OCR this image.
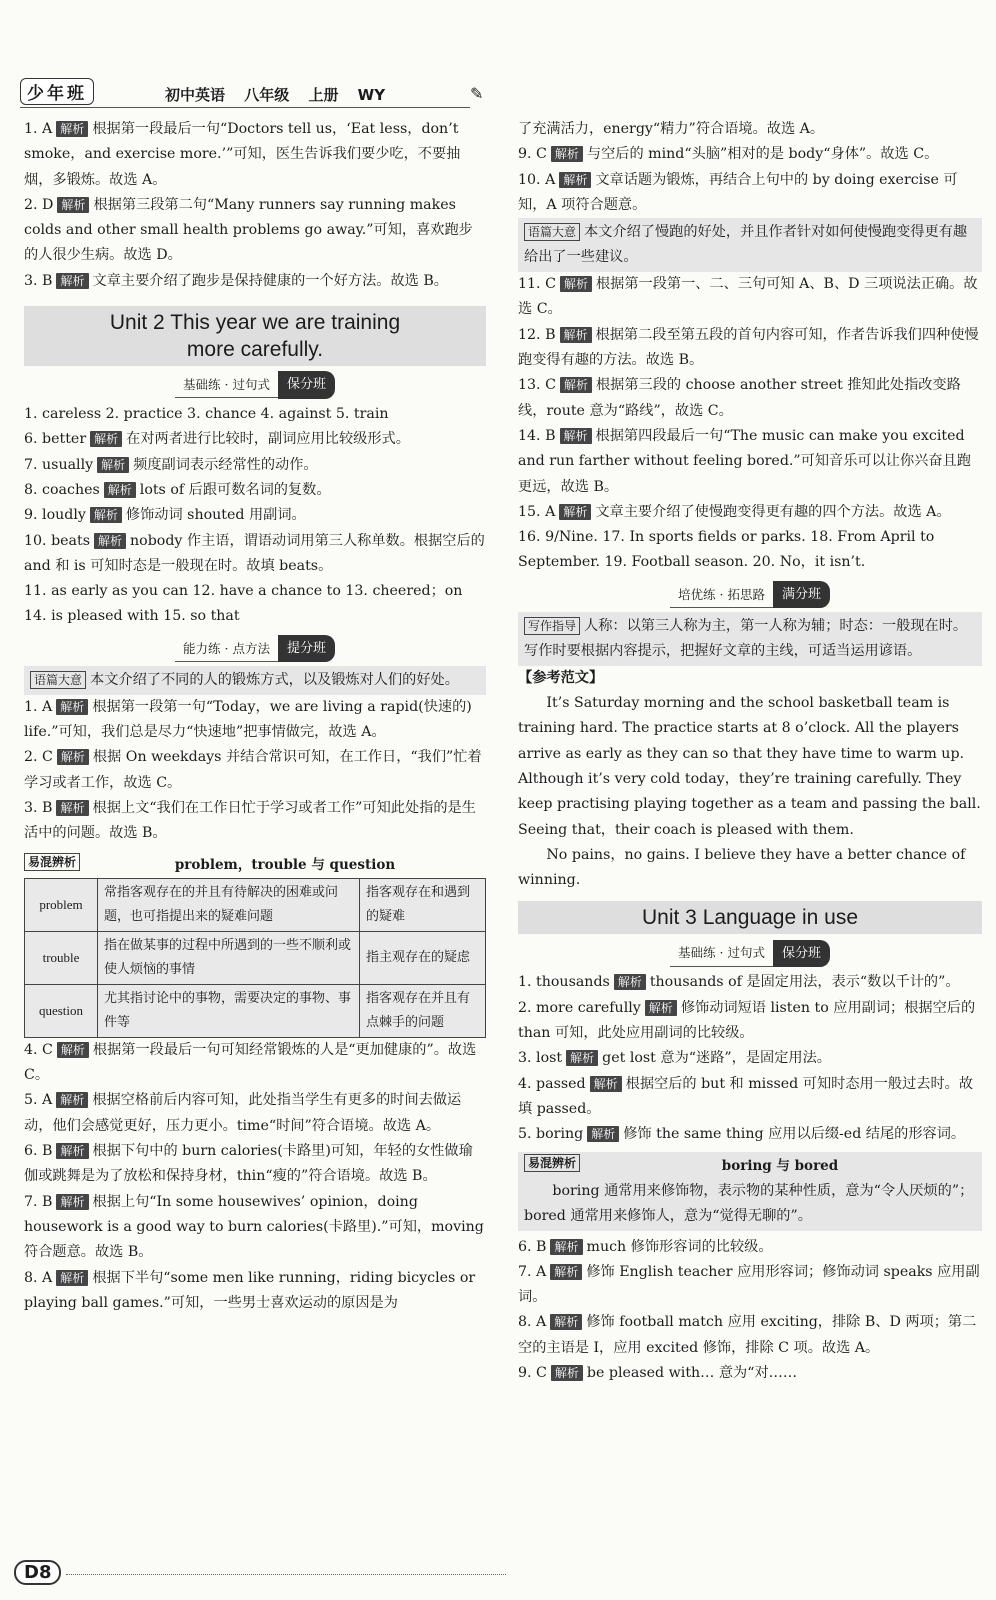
少年班	初中英语 八年级 上册 WY	✎

1. A 解析 根据第一段最后一句“Doctors tell us，‘Eat less，don’t smoke，and exercise more.’”可知，医生告诉我们要少吃，不要抽烟，多锻炼。故选 A。

2. D 解析 根据第三段第二句“Many runners say running makes colds and other small health problems go away.”可知，喜欢跑步的人很少生病。故选 D。

3. B 解析 文章主要介绍了跑步是保持健康的一个好方法。故选 B。

Unit 2 This year we are training
more carefully.
基础练 · 过句式	保分班

1. careless 2. practice 3. chance 4. against 5. train

6. better 解析 在对两者进行比较时，副词应用比较级形式。

7. usually 解析 频度副词表示经常性的动作。

8. coaches 解析 lots of 后跟可数名词的复数。

9. loudly 解析 修饰动词 shouted 用副词。

10. beats 解析 nobody 作主语，谓语动词用第三人称单数。根据空后的 and 和 is 可知时态是一般现在时。故填 beats。

11. as early as you can 12. have a chance to 13. cheered；on

14. is pleased with 15. so that

能力练 · 点方法	提分班
语篇大意 本文介绍了不同的人的锻炼方式，以及锻炼对人们的好处。

1. A 解析 根据第一段第一句“Today，we are living a rapid(快速的) life.”可知，我们总是尽力“快速地”把事情做完，故选 A。

2. C 解析 根据 On weekdays 并结合常识可知，在工作日，“我们”忙着学习或者工作，故选 C。

3. B 解析 根据上文“我们在工作日忙于学习或者工作”可知此处指的是生活中的问题。故选 B。

易混辨析	problem，trouble 与 question
problem	常指客观存在的并且有待解决的困难或问题，也可指提出来的疑难问题	指客观存在和遇到的疑难
trouble	指在做某事的过程中所遇到的一些不顺利或使人烦恼的事情	指主观存在的疑虑
question	尤其指讨论中的事物，需要决定的事物、事件等	指客观存在并且有点棘手的问题

4. C 解析 根据第一段最后一句可知经常锻炼的人是“更加健康的”。故选 C。

5. A 解析 根据空格前后内容可知，此处指当学生有更多的时间去做运动，他们会感觉更好，压力更小。time“时间”符合语境。故选 A。

6. B 解析 根据下句中的 burn calories(卡路里)可知，年轻的女性做瑜伽或跳舞是为了放松和保持身材，thin“瘦的”符合语境。故选 B。

7. B 解析 根据上句“In some housewives’ opinion，doing housework is a good way to burn calories(卡路里).”可知，moving 符合题意。故选 B。

8. A 解析 根据下半句“some men like running，riding bicycles or playing ball games.”可知，一些男士喜欢运动的原因是为

了充满活力，energy“精力”符合语境。故选 A。

9. C 解析 与空后的 mind“头脑”相对的是 body“身体”。故选 C。

10. A 解析 文章话题为锻炼，再结合上句中的 by doing exercise 可知，A 项符合题意。

语篇大意 本文介绍了慢跑的好处，并且作者针对如何使慢跑变得更有趣给出了一些建议。

11. C 解析 根据第一段第一、二、三句可知 A、B、D 三项说法正确。故选 C。

12. B 解析 根据第二段至第五段的首句内容可知，作者告诉我们四种使慢跑变得有趣的方法。故选 B。

13. C 解析 根据第三段的 choose another street 推知此处指改变路线，route 意为“路线”，故选 C。

14. B 解析 根据第四段最后一句“The music can make you excited and run farther without feeling bored.”可知音乐可以让你兴奋且跑更远，故选 B。

15. A 解析 文章主要介绍了使慢跑变得更有趣的四个方法。故选 A。

16. 9/Nine. 17. In sports fields or parks. 18. From April to September. 19. Football season. 20. No，it isn’t.

培优练 · 拓思路	满分班
写作指导 人称：以第三人称为主，第一人称为辅；时态：一般现在时。写作时要根据内容提示，把握好文章的主线，可适当运用谚语。

【参考范文】

It’s Saturday morning and the school basketball team is training hard. The practice starts at 8 o’clock. All the players arrive as early as they can so that they have time to warm up. Although it’s very cold today，they’re training carefully. They keep practising playing together as a team and passing the ball. Seeing that，their coach is pleased with them.

No pains，no gains. I believe they have a better chance of winning.

Unit 3 Language in use
基础练 · 过句式	保分班

1. thousands 解析 thousands of 是固定用法，表示“数以千计的”。

2. more carefully 解析 修饰动词短语 listen to 应用副词；根据空后的 than 可知，此处应用副词的比较级。

3. lost 解析 get lost 意为“迷路”，是固定用法。

4. passed 解析 根据空后的 but 和 missed 可知时态用一般过去时。故填 passed。

5. boring 解析 修饰 the same thing 应用以后缀-ed 结尾的形容词。

易混辨析	boring 与 bored
boring 通常用来修饰物，表示物的某种性质，意为“令人厌烦的”；bored 通常用来修饰人，意为“觉得无聊的”。

6. B 解析 much 修饰形容词的比较级。

7. A 解析 修饰 English teacher 应用形容词；修饰动词 speaks 应用副词。

8. A 解析 修饰 football match 应用 exciting，排除 B、D 两项；第二空的主语是 I，应用 excited 修饰，排除 C 项。故选 A。

9. C 解析 be pleased with… 意为“对……

D8
